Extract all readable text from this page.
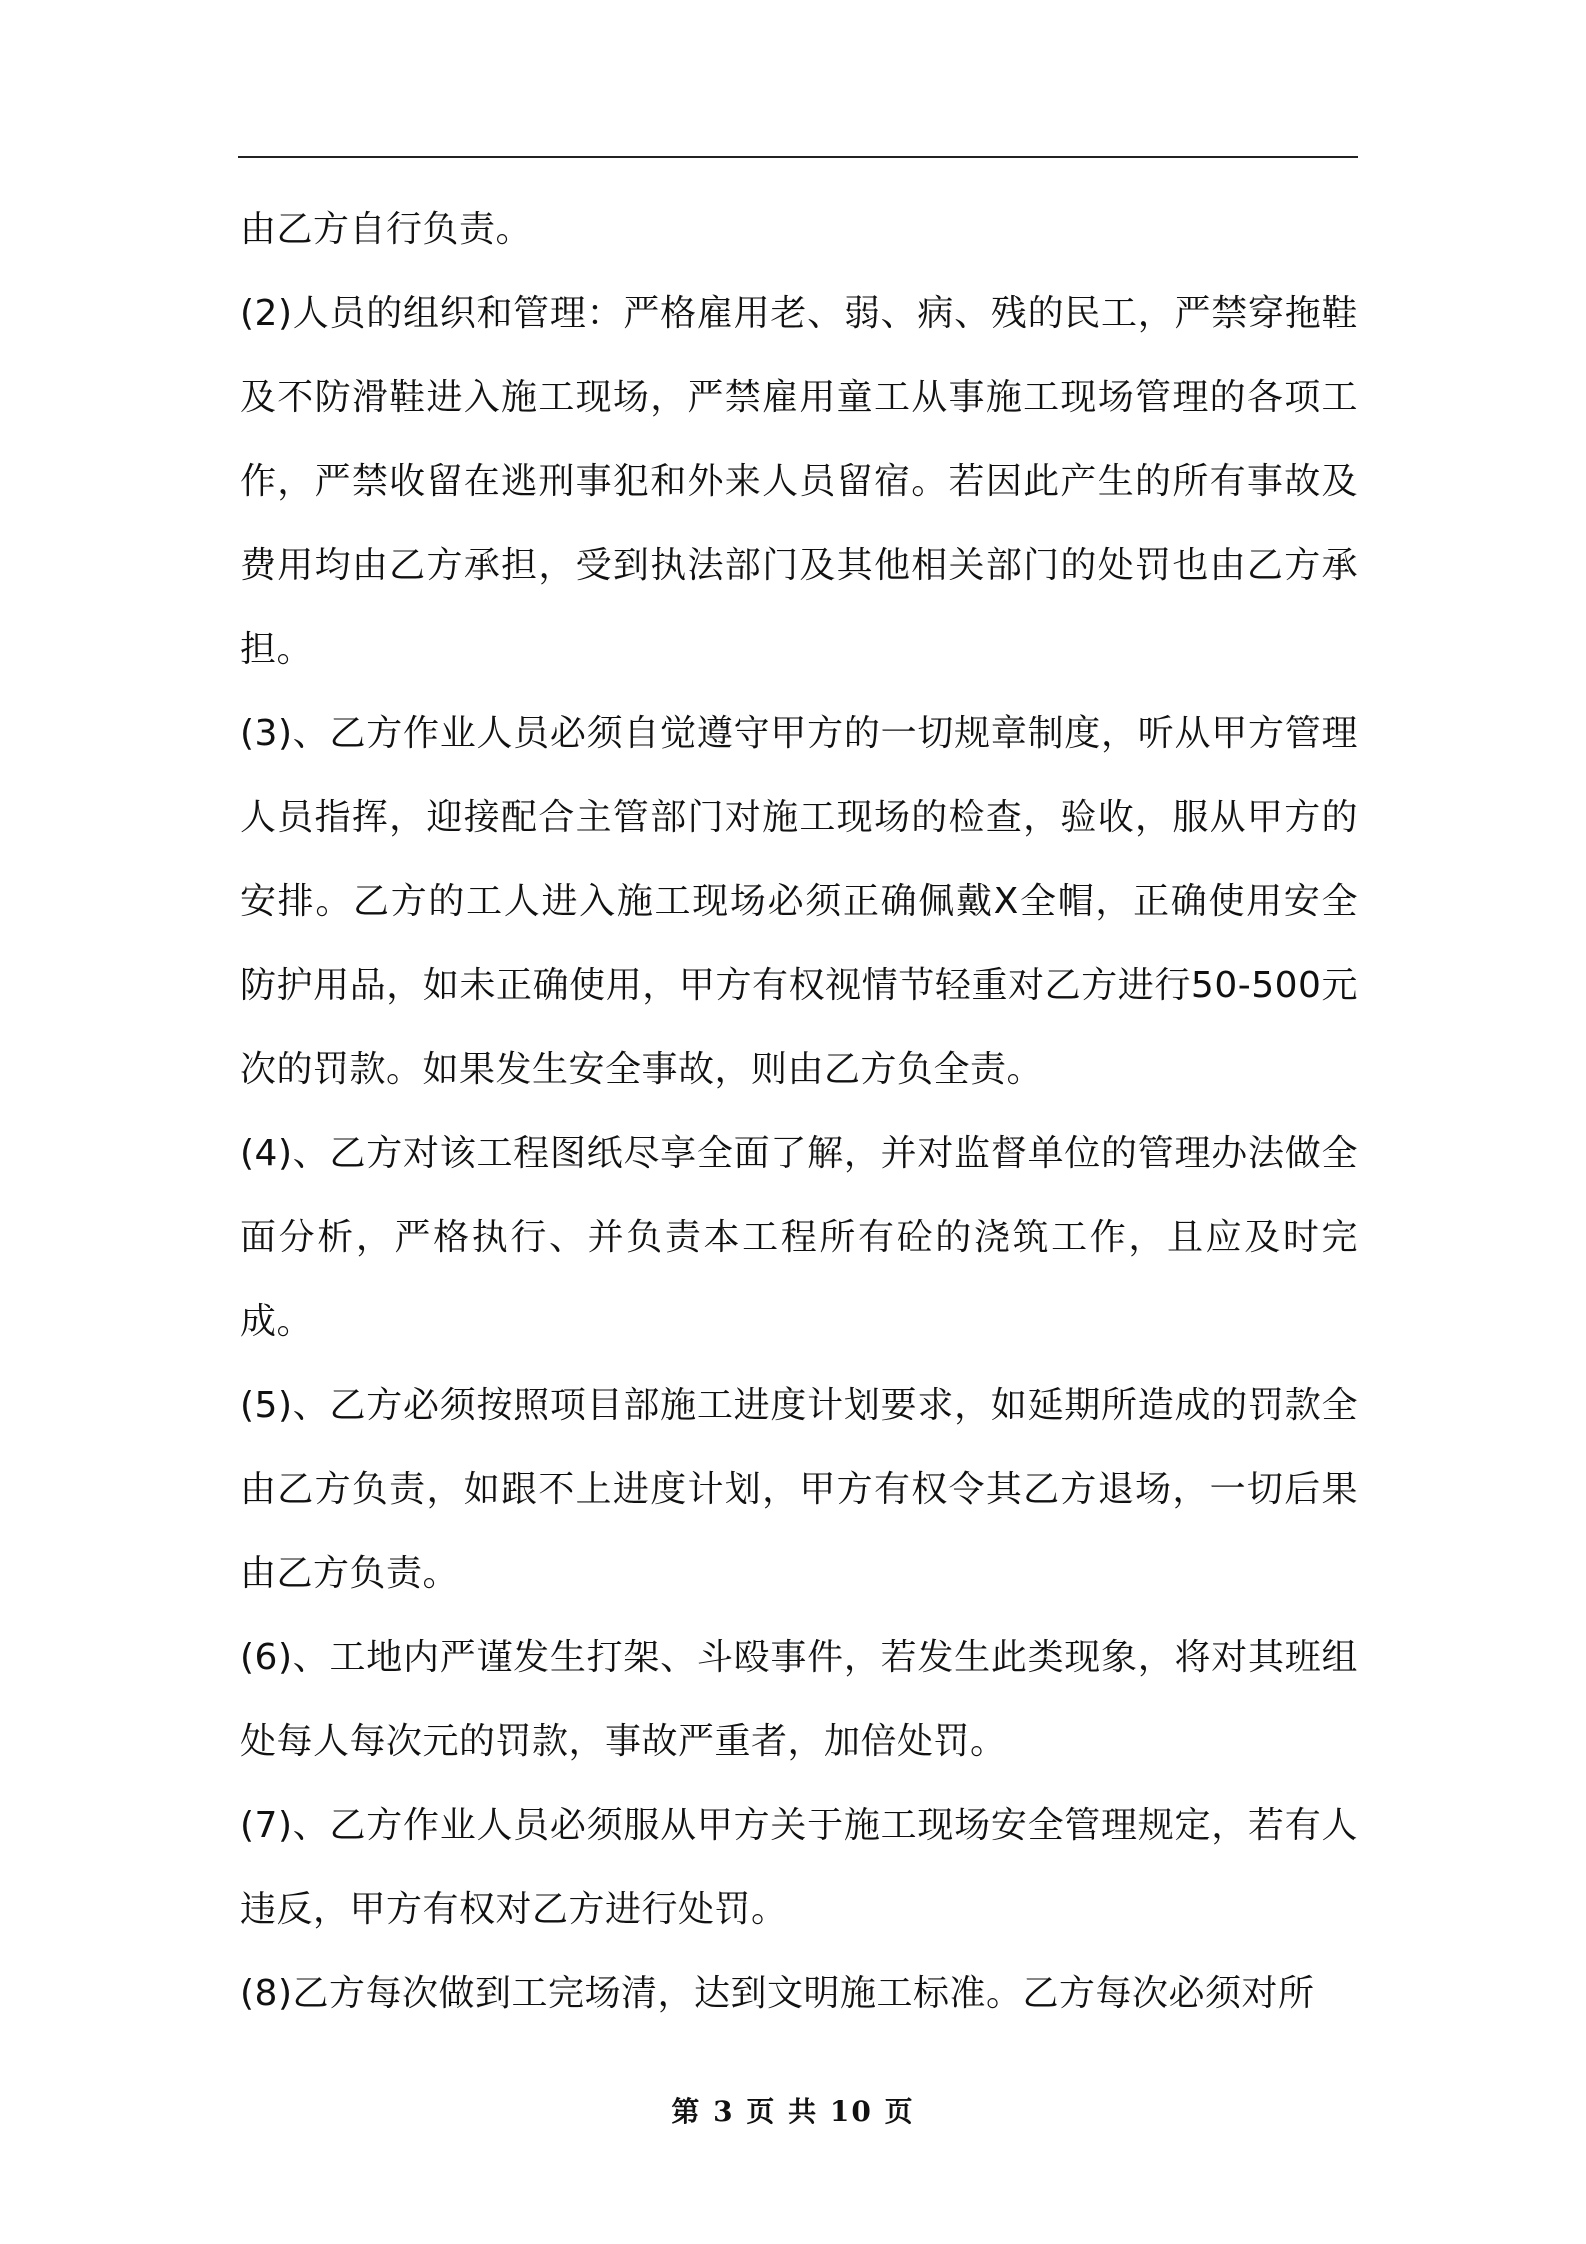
由乙方自行负责。

(2)人员的组织和管理：严格雇用老、弱、病、残的民工，严禁穿拖鞋及不防滑鞋进入施工现场，严禁雇用童工从事施工现场管理的各项工作，严禁收留在逃刑事犯和外来人员留宿。若因此产生的所有事故及费用均由乙方承担，受到执法部门及其他相关部门的处罚也由乙方承担。

(3)、乙方作业人员必须自觉遵守甲方的一切规章制度，听从甲方管理人员指挥，迎接配合主管部门对施工现场的检查，验收，服从甲方的安排。乙方的工人进入施工现场必须正确佩戴X全帽，正确使用安全防护用品，如未正确使用，甲方有权视情节轻重对乙方进行50-500元次的罚款。如果发生安全事故，则由乙方负全责。

(4)、乙方对该工程图纸尽享全面了解，并对监督单位的管理办法做全面分析，严格执行、并负责本工程所有砼的浇筑工作，且应及时完成。

(5)、乙方必须按照项目部施工进度计划要求，如延期所造成的罚款全由乙方负责，如跟不上进度计划，甲方有权令其乙方退场，一切后果由乙方负责。

(6)、工地内严谨发生打架、斗殴事件，若发生此类现象，将对其班组处每人每次元的罚款，事故严重者，加倍处罚。

(7)、乙方作业人员必须服从甲方关于施工现场安全管理规定，若有人违反，甲方有权对乙方进行处罚。

(8)乙方每次做到工完场清，达到文明施工标准。乙方每次必须对所

第 3 页 共 10 页
